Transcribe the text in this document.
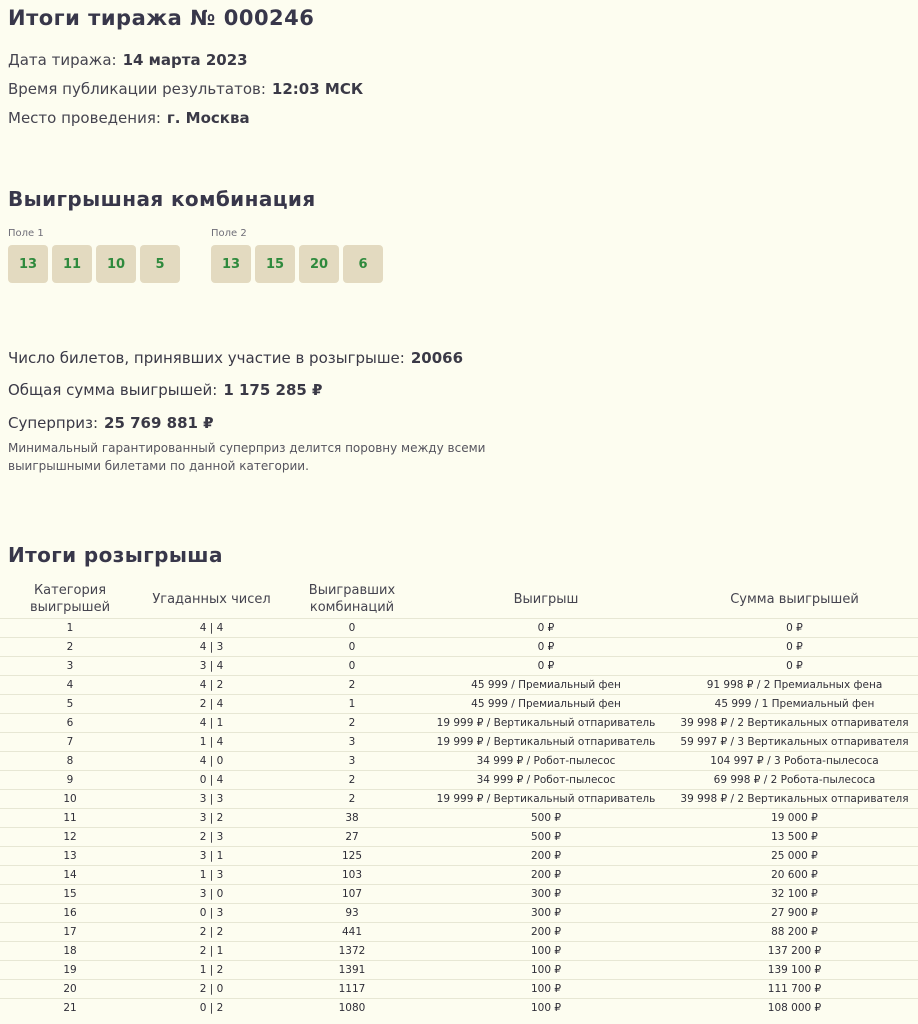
Итоги тиража № 000246
Дата тиража: 14 марта 2023
Время публикации результатов: 12:03 МСК
Место проведения: г. Москва
Выигрышная комбинация
Поле 1
13	11	10	5
Поле 2
13	15	20	6
Число билетов, принявших участие в розыгрыше: 20066
Общая сумма выигрышей: 1 175 285 ₽
Суперприз: 25 769 881 ₽
Минимальный гарантированный суперприз делится поровну между всеми выигрышными билетами по данной категории.
Итоги розыгрыша
Категория выигрышей	Угаданных чисел	Выигравших комбинаций	Выигрыш	Сумма выигрышей
1	4 | 4	0	0 ₽	0 ₽
2	4 | 3	0	0 ₽	0 ₽
3	3 | 4	0	0 ₽	0 ₽
4	4 | 2	2	45 999 / Премиальный фен	91 998 ₽ / 2 Премиальных фена
5	2 | 4	1	45 999 / Премиальный фен	45 999 / 1 Премиальный фен
6	4 | 1	2	19 999 ₽ / Вертикальный отпариватель	39 998 ₽ / 2 Вертикальных отпаривателя
7	1 | 4	3	19 999 ₽ / Вертикальный отпариватель	59 997 ₽ / 3 Вертикальных отпаривателя
8	4 | 0	3	34 999 ₽ / Робот-пылесос	104 997 ₽ / 3 Робота-пылесоса
9	0 | 4	2	34 999 ₽ / Робот-пылесос	69 998 ₽ / 2 Робота-пылесоса
10	3 | 3	2	19 999 ₽ / Вертикальный отпариватель	39 998 ₽ / 2 Вертикальных отпаривателя
11	3 | 2	38	500 ₽	19 000 ₽
12	2 | 3	27	500 ₽	13 500 ₽
13	3 | 1	125	200 ₽	25 000 ₽
14	1 | 3	103	200 ₽	20 600 ₽
15	3 | 0	107	300 ₽	32 100 ₽
16	0 | 3	93	300 ₽	27 900 ₽
17	2 | 2	441	200 ₽	88 200 ₽
18	2 | 1	1372	100 ₽	137 200 ₽
19	1 | 2	1391	100 ₽	139 100 ₽
20	2 | 0	1117	100 ₽	111 700 ₽
21	0 | 2	1080	100 ₽	108 000 ₽
